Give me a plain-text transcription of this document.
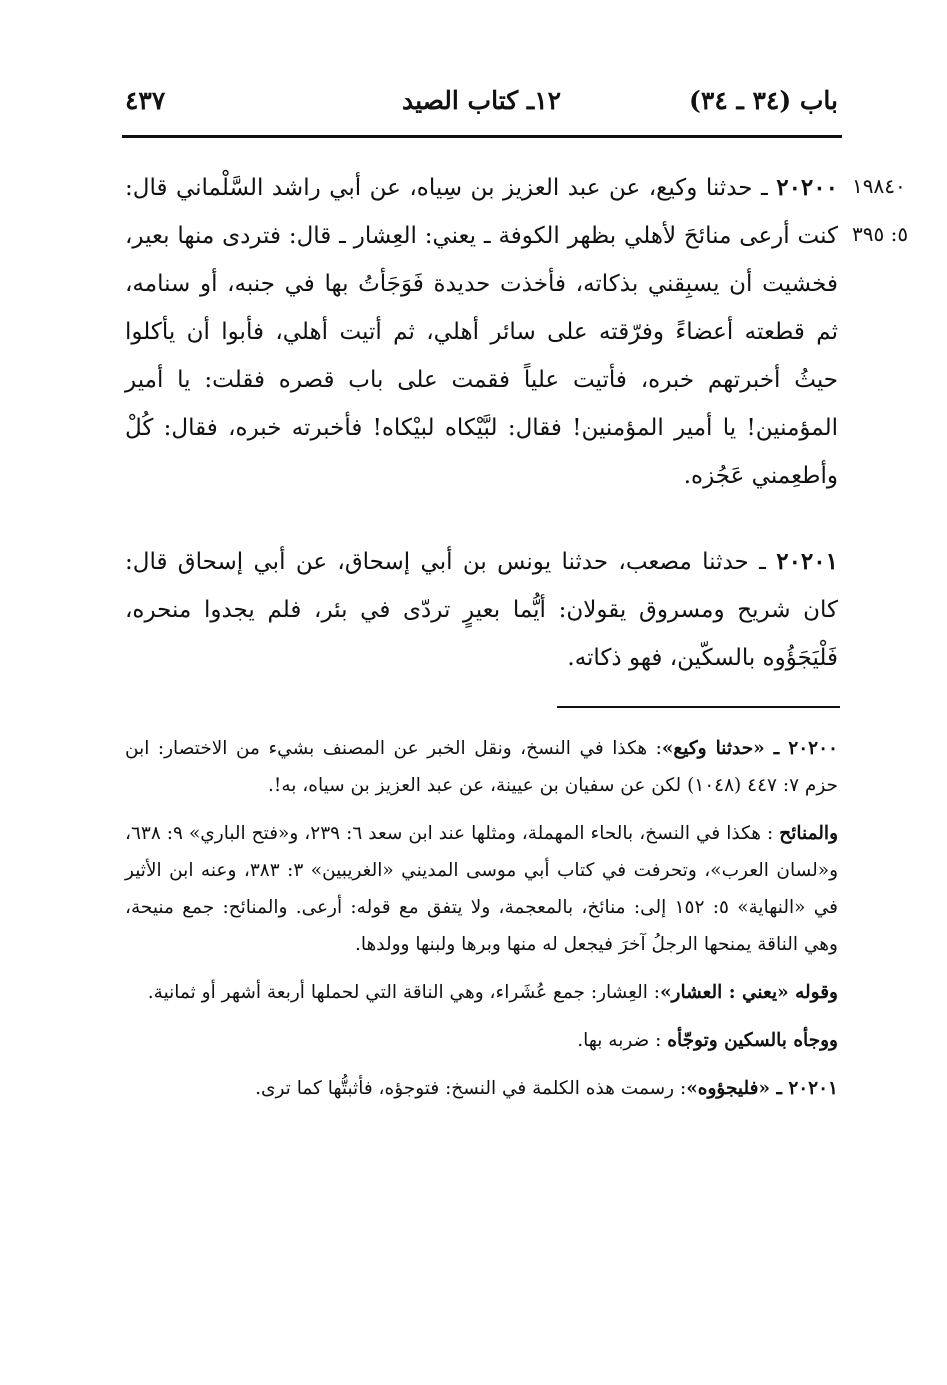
باب (٣٤ ـ ٣٤)
١٢ـ كتاب الصيد
٤٣٧
١٩٨٤٠
٥: ٣٩٥

٢٠٢٠٠ ـ حدثنا وكيع، عن عبد العزيز بن سِياه، عن أبي راشد السَّلْماني قال: كنت أرعى منائحَ لأهلي بظهر الكوفة ـ يعني: العِشار ـ قال: فتردى منها بعير، فخشيت أن يسبِقني بذكاته، فأخذت حديدة فَوَجَأتُ بها في جنبه، أو سنامه، ثم قطعته أعضاءً وفرّقته على سائر أهلي، ثم أتيت أهلي، فأبوا أن يأكلوا حيثُ أخبرتهم خبره، فأتيت علياً فقمت على باب قصره فقلت: يا أمير المؤمنين! يا أمير المؤمنين! فقال: لبَّيْكاه لبيْكاه! فأخبرته خبره، فقال: كُلْ وأطعِمني عَجُزه.

٢٠٢٠١ ـ حدثنا مصعب، حدثنا يونس بن أبي إسحاق، عن أبي إسحاق قال: كان شريح ومسروق يقولان: أيُّما بعيرٍ تردّى في بئر، فلم يجدوا منحره، فَلْيَجَؤُوه بالسكّين، فهو ذكاته.

٢٠٢٠٠ ـ «حدثنا وكيع»: هكذا في النسخ، ونقل الخبر عن المصنف بشيء من الاختصار: ابن حزم ٧: ٤٤٧ (١٠٤٨) لكن عن سفيان بن عيينة، عن عبد العزيز بن سياه، به!.

والمنائح : هكذا في النسخ، بالحاء المهملة، ومثلها عند ابن سعد ٦: ٢٣٩، و«فتح الباري» ٩: ٦٣٨، و«لسان العرب»، وتحرفت في كتاب أبي موسى المديني «الغريبين» ٣: ٣٨٣، وعنه ابن الأثير في «النهاية» ٥: ١٥٢ إلى: منائخ، بالمعجمة، ولا يتفق مع قوله: أرعى. والمنائح: جمع منيحة، وهي الناقة يمنحها الرجلُ آخرَ فيجعل له منها وبرها ولبنها وولدها.

وقوله «يعني : العشار»: العِشار: جمع عُشَراء، وهي الناقة التي لحملها أربعة أشهر أو ثمانية.

ووجأه بالسكين وتوجّأه : ضربه بها.

٢٠٢٠١ ـ «فليجؤوه»: رسمت هذه الكلمة في النسخ: فتوجؤه، فأثبتُّها كما ترى.
